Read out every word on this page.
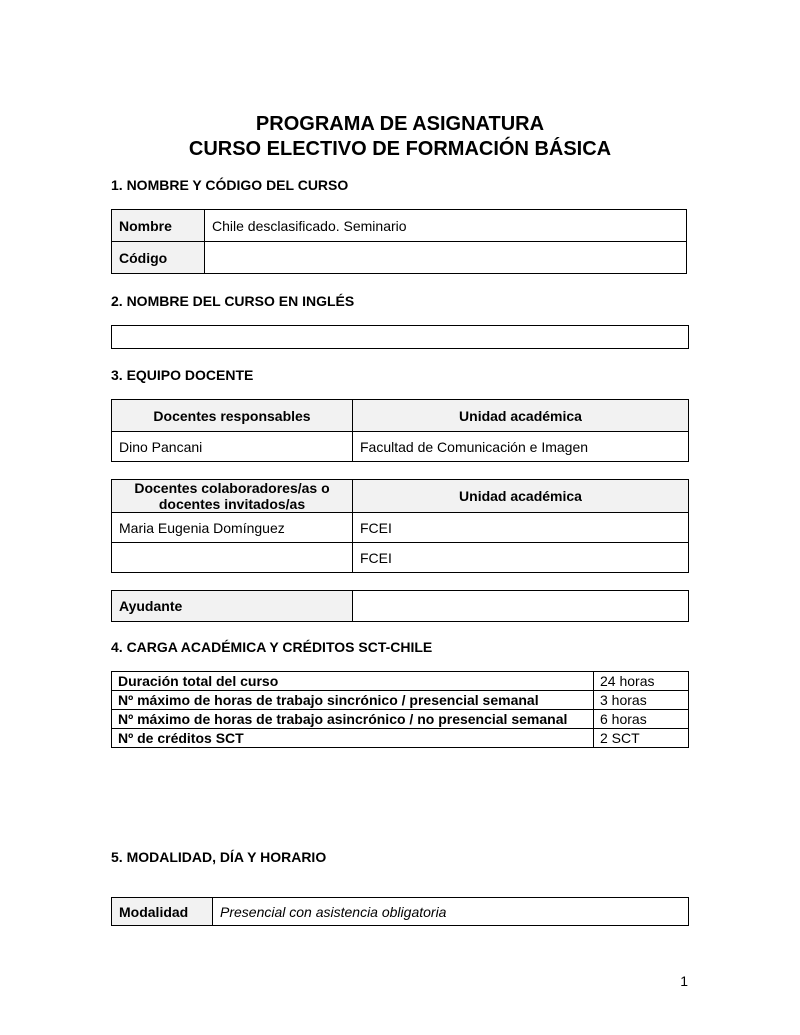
PROGRAMA DE ASIGNATURA
CURSO ELECTIVO DE FORMACIÓN BÁSICA
1. NOMBRE Y CÓDIGO DEL CURSO
Nombre	Chile desclasificado. Seminario
Código	
2. NOMBRE DEL CURSO EN INGLÉS
3. EQUIPO DOCENTE
Docentes responsables	Unidad académica
Dino Pancani	Facultad de Comunicación e Imagen
Docentes colaboradores/as o docentes invitados/as	Unidad académica
Maria Eugenia Domínguez	FCEI
	FCEI
Ayudante	
4. CARGA ACADÉMICA Y CRÉDITOS SCT-CHILE
Duración total del curso	24 horas
Nº máximo de horas de trabajo sincrónico / presencial semanal	3 horas
Nº máximo de horas de trabajo asincrónico / no presencial semanal	6 horas
Nº de créditos SCT	2 SCT
5. MODALIDAD, DÍA Y HORARIO
Modalidad	Presencial con asistencia obligatoria
1
